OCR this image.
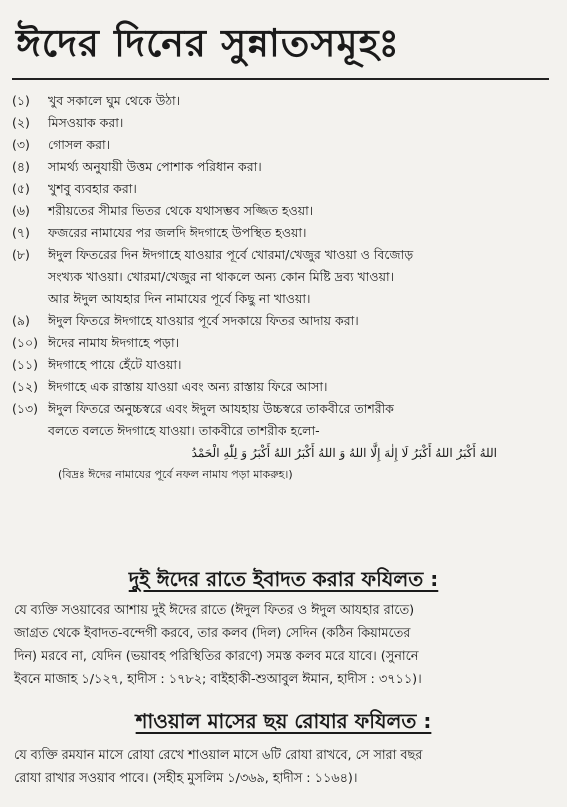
ঈদের দিনের সুন্নাতসমূহঃ
(১)	খুব সকালে ঘুম থেকে উঠা।
(২)	মিসওয়াক করা।
(৩)	গোসল করা।
(৪)	সামর্থ্য অনুযায়ী উত্তম পোশাক পরিধান করা।
(৫)	খুশবু ব্যবহার করা।
(৬)	শরীয়তের সীমার ভিতর থেকে যথাসম্ভব সজ্জিত হওয়া।
(৭)	ফজরের নামাযের পর জলদি ঈদগাহে উপস্থিত হওয়া।
(৮)	ঈদুল ফিতরের দিন ঈদগাহে যাওয়ার পূর্বে খোরমা/খেজুর খাওয়া ও বিজোড়
সংখ্যক খাওয়া। খোরমা/খেজুর না থাকলে অন্য কোন মিষ্টি দ্রব্য খাওয়া।
আর ঈদুল আযহার দিন নামাযের পূর্বে কিছু না খাওয়া।
(৯)	ঈদুল ফিতরে ঈদগাহে যাওয়ার পূর্বে সদকায়ে ফিতর আদায় করা।
(১০) ঈদের নামায ঈদগাহে পড়া।
(১১) ঈদগাহে পায়ে হেঁটে যাওয়া।
(১২) ঈদগাহে এক রাস্তায় যাওয়া এবং অন্য রাস্তায় ফিরে আসা।
(১৩) ঈদুল ফিতরে অনুচ্চস্বরে এবং ঈদুল আযহায় উচ্চস্বরে তাকবীরে তাশরীক
বলতে বলতে ঈদগাহে যাওয়া। তাকবীরে তাশরীক হলো-
اللهُ أَكْبَرُ اللهُ أَكْبَرُ لَا إِلٰهَ إِلَّا اللهُ وَ اللهُ أَكْبَرُ اللهُ أَكْبَرُ وَ لِلّٰهِ الْحَمْدُ
(বিদ্রঃ ঈদের নামাযের পূর্বে নফল নামায পড়া মাকরুহ।)
দুই ঈদের রাতে ইবাদত করার ফযিলত :
যে ব্যক্তি সওয়াবের আশায় দুই ঈদের রাতে (ঈদুল ফিতর ও ঈদুল আযহার রাতে)
জাগ্রত থেকে ইবাদত-বন্দেগী করবে, তার কলব (দিল) সেদিন (কঠিন কিয়ামতের
দিন) মরবে না, যেদিন (ভয়াবহ পরিস্থিতির কারণে) সমস্ত কলব মরে যাবে। (সুনানে
ইবনে মাজাহ ১/১২৭, হাদীস : ১৭৮২; বাইহাকী-শুআবুল ঈমান, হাদীস : ৩৭১১)।
শাওয়াল মাসের ছয় রোযার ফযিলত :
যে ব্যক্তি রমযান মাসে রোযা রেখে শাওয়াল মাসে ৬টি রোযা রাখবে, সে সারা বছর
রোযা রাখার সওয়াব পাবে। (সহীহ মুসলিম ১/৩৬৯, হাদীস : ১১৬৪)।
